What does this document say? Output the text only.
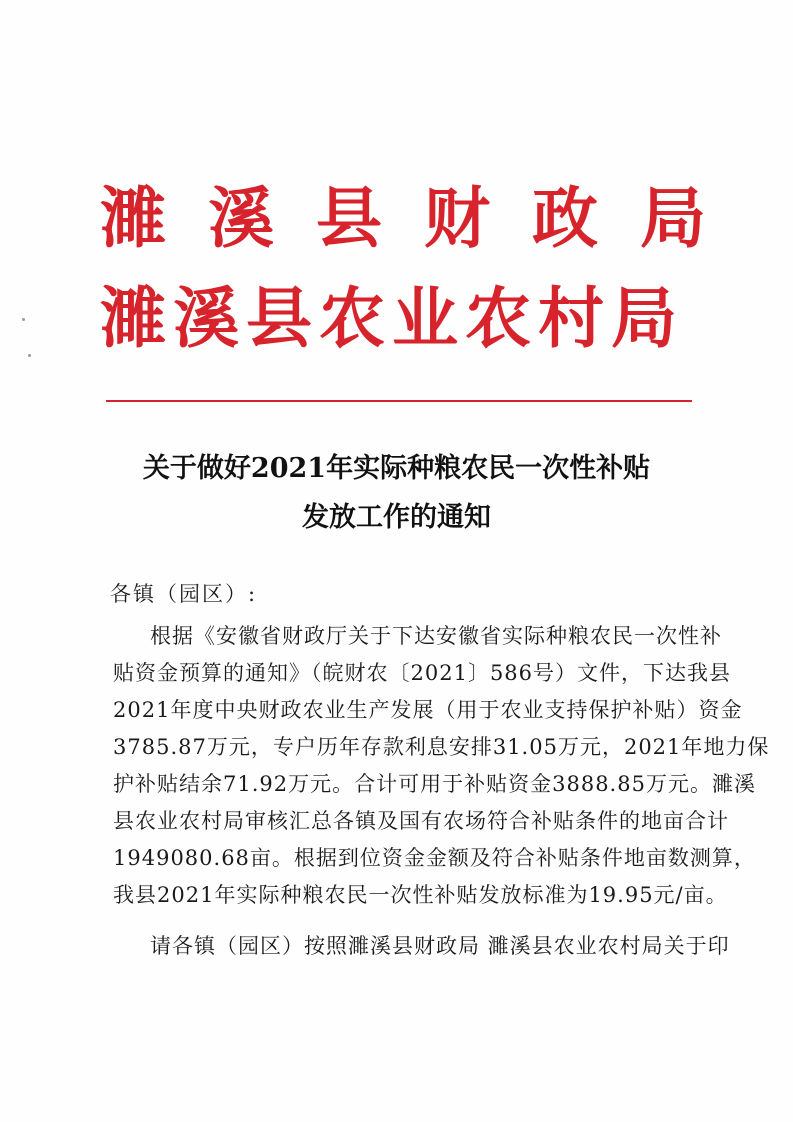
濉溪县财政局
濉溪县农业农村局
关于做好2021年实际种粮农民一次性补贴
发放工作的通知
各镇（园区）:
根据《安徽省财政厅关于下达安徽省实际种粮农民一次性补
贴资金预算的通知》（皖财农〔2021〕586号）文件，下达我县
2021年度中央财政农业生产发展（用于农业支持保护补贴）资金
3785.87万元，专户历年存款利息安排31.05万元，2021年地力保
护补贴结余71.92万元。合计可用于补贴资金3888.85万元。濉溪
县农业农村局审核汇总各镇及国有农场符合补贴条件的地亩合计
1949080.68亩。根据到位资金金额及符合补贴条件地亩数测算，
我县2021年实际种粮农民一次性补贴发放标准为19.95元/亩。
请各镇（园区）按照濉溪县财政局 濉溪县农业农村局关于印
